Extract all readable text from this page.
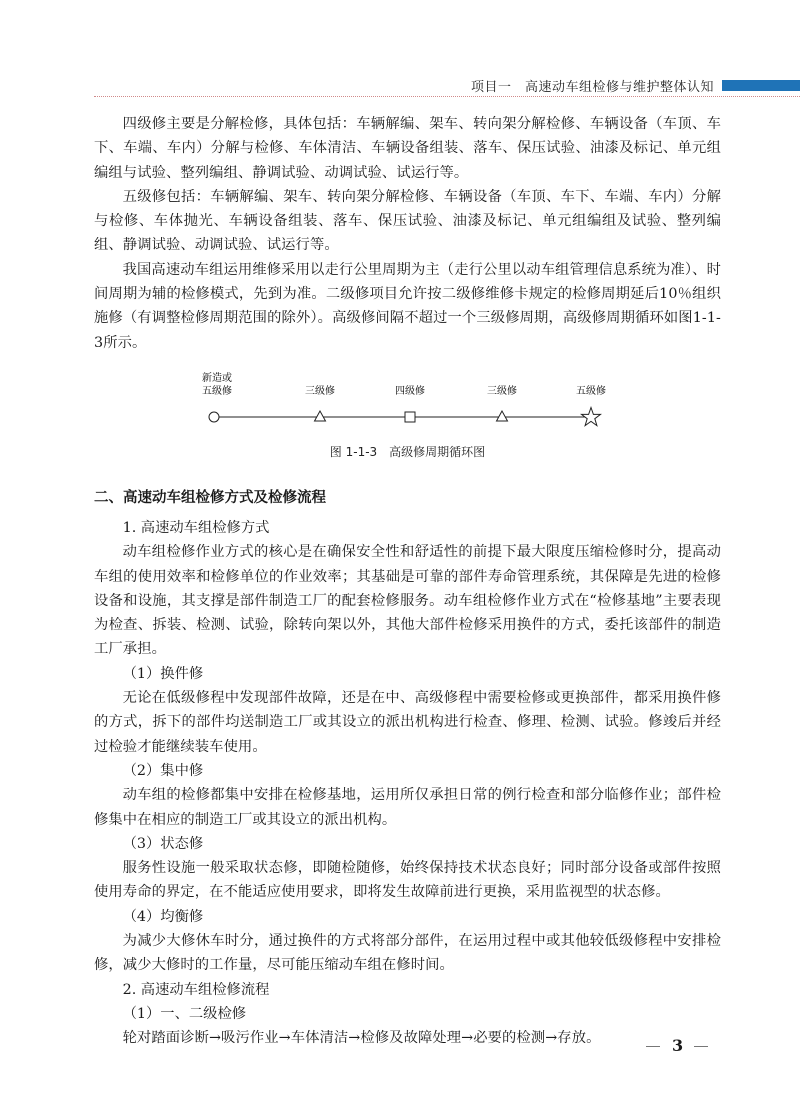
项目一　高速动车组检修与维护整体认知

四级修主要是分解检修，具体包括：车辆解编、架车、转向架分解检修、车辆设备（车顶、车下、车端、车内）分解与检修、车体清洁、车辆设备组装、落车、保压试验、油漆及标记、单元组编组与试验、整列编组、静调试验、动调试验、试运行等。

五级修包括：车辆解编、架车、转向架分解检修、车辆设备（车顶、车下、车端、车内）分解与检修、车体抛光、车辆设备组装、落车、保压试验、油漆及标记、单元组编组及试验、整列编组、静调试验、动调试验、试运行等。

我国高速动车组运用维修采用以走行公里周期为主（走行公里以动车组管理信息系统为准）、时间周期为辅的检修模式，先到为准。二级修项目允许按二级修维修卡规定的检修周期延后10％组织施修（有调整检修周期范围的除外）。高级修间隔不超过一个三级修周期，高级修周期循环如图1-1-3所示。

新造或
五级修	三级修	四级修	三级修	五级修
图 1-1-3　高级修周期循环图

二、高速动车组检修方式及检修流程

1. 高速动车组检修方式

动车组检修作业方式的核心是在确保安全性和舒适性的前提下最大限度压缩检修时分，提高动车组的使用效率和检修单位的作业效率；其基础是可靠的部件寿命管理系统，其保障是先进的检修设备和设施，其支撑是部件制造工厂的配套检修服务。动车组检修作业方式在“检修基地”主要表现为检查、拆装、检测、试验，除转向架以外，其他大部件检修采用换件的方式，委托该部件的制造工厂承担。

（1）换件修

无论在低级修程中发现部件故障，还是在中、高级修程中需要检修或更换部件，都采用换件修的方式，拆下的部件均送制造工厂或其设立的派出机构进行检查、修理、检测、试验。修竣后并经过检验才能继续装车使用。

（2）集中修

动车组的检修都集中安排在检修基地，运用所仅承担日常的例行检查和部分临修作业；部件检修集中在相应的制造工厂或其设立的派出机构。

（3）状态修

服务性设施一般采取状态修，即随检随修，始终保持技术状态良好；同时部分设备或部件按照使用寿命的界定，在不能适应使用要求，即将发生故障前进行更换，采用监视型的状态修。

（4）均衡修

为减少大修休车时分，通过换件的方式将部分部件，在运用过程中或其他较低级修程中安排检修，减少大修时的工作量，尽可能压缩动车组在修时间。

2. 高速动车组检修流程

（1）一、二级检修

轮对踏面诊断→吸污作业→车体清洁→检修及故障处理→必要的检测→存放。	3
